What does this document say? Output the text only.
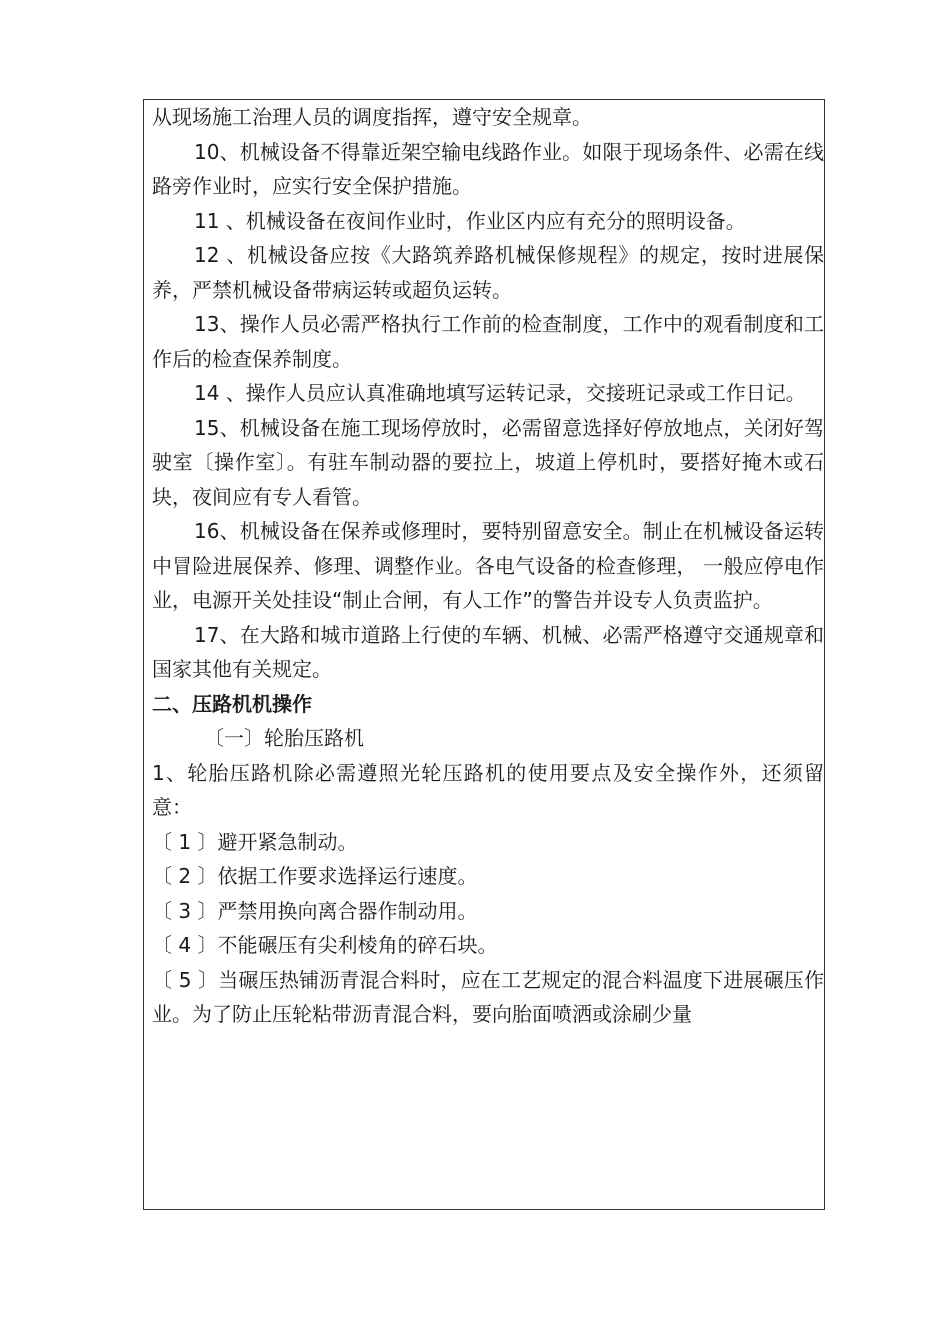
从现场施工治理人员的调度指挥，遵守安全规章。

10、机械设备不得靠近架空输电线路作业。如限于现场条件、必需在线路旁作业时，应实行安全保护措施。

11 、机械设备在夜间作业时，作业区内应有充分的照明设备。

12 、机械设备应按《大路筑养路机械保修规程》的规定，按时进展保养，严禁机械设备带病运转或超负运转。

13、操作人员必需严格执行工作前的检查制度，工作中的观看制度和工作后的检查保养制度。

14 、操作人员应认真准确地填写运转记录，交接班记录或工作日记。

15、机械设备在施工现场停放时，必需留意选择好停放地点，关闭好驾驶室〔操作室〕。有驻车制动器的要拉上，坡道上停机时，要搭好掩木或石块，夜间应有专人看管。

16、机械设备在保养或修理时，要特别留意安全。制止在机械设备运转中冒险进展保养、修理、调整作业。各电气设备的检查修理， 一般应停电作业，电源开关处挂设“制止合闸，有人工作”的警告并设专人负责监护。

17、在大路和城市道路上行使的车辆、机械、必需严格遵守交通规章和国家其他有关规定。

二、压路机机操作

〔一〕轮胎压路机

1、轮胎压路机除必需遵照光轮压路机的使用要点及安全操作外，还须留意：

〔 1 〕避开紧急制动。

〔 2 〕依据工作要求选择运行速度。

〔 3 〕严禁用换向离合器作制动用。

〔 4 〕不能碾压有尖利棱角的碎石块。

〔 5 〕当碾压热铺沥青混合料时，应在工艺规定的混合料温度下进展碾压作业。为了防止压轮粘带沥青混合料，要向胎面喷洒或涂刷少量
